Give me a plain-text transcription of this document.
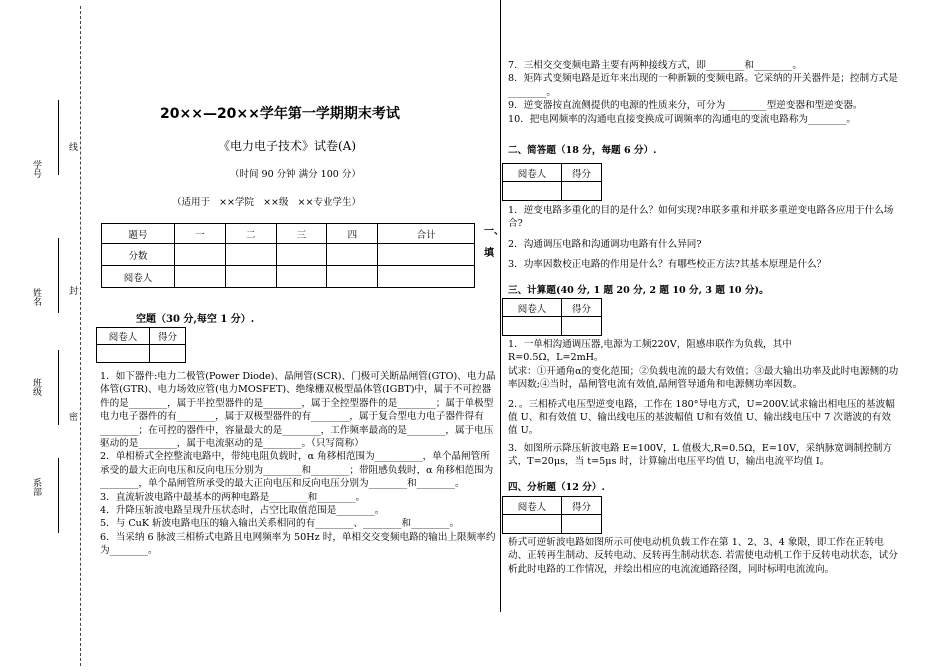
学号
线
姓名	封
班级
密
系部
20××—20××学年第一学期期末考试
《电力电子技术》试卷(A)
（时间 90 分钟 满分 100 分）
（适用于 ××学院 ××级 ××专业学生）
题号	一	二	三	四	合计
分数					
阅卷人					
一、
填
空题（30 分,每空 1 分）.
阅卷人	得分

1．如下器件:电力二极管(Power Diode)、晶闸管(SCR)、门极可关断晶闸管(GTO)、电力晶体管(GTR)、电力场效应管(电力MOSFET)、绝缘栅双极型晶体管(IGBT)中，属于不可控器件的是________，属于半控型器件的是________，属于全控型器件的是________；属于单极型电力电子器件的有________，属于双极型器件的有________，属于复合型电力电子器件得有 ________；在可控的器件中，容量最大的是________，工作频率最高的是________，属于电压驱动的是________，属于电流驱动的是________。（只写简称）
2．单相桥式全控整流电路中，带纯电阻负载时，α 角移相范围为__________，单个晶闸管所承受的最大正向电压和反向电压分别为________和________；带阻感负载时，α 角移相范围为________，单个晶闸管所承受的最大正向电压和反向电压分别为________和________。
3．直流斩波电路中最基本的两种电路是________和________。
4．升降压斩波电路呈现升压状态时，占空比取值范围是________。
5．与 CuK 斩波电路电压的输入输出关系相同的有________、________和________。
6．当采纳 6 脉波三相桥式电路且电网频率为 50Hz 时，单相交交变频电路的输出上限频率约为________。
7．三相交交变频电路主要有两种接线方式，即________和________。
8．矩阵式变频电路是近年来出现的一种新颖的变频电路。它采纳的开关器件是；控制方式是________。
9．逆变器按直流侧提供的电源的性质来分，可分为 ________型逆变器和型逆变器。
10．把电网频率的沟通电直接变换成可调频率的沟通电的变流电路称为________。
二、简答题（18 分，每题 6 分）.
阅卷人	得分

1．逆变电路多重化的目的是什么？如何实现?串联多重和并联多重逆变电路各应用于什么场合?
2．沟通调压电路和沟通调功电路有什么异同?
3．功率因数校正电路的作用是什么？有哪些校正方法?其基本原理是什么？
三、计算题(40 分, 1 题 20 分, 2 题 10 分, 3 题 10 分)。
阅卷人	得分

1．一单相沟通调压器,电源为工频220V，阻感串联作为负载，其中
R=0.5Ω，L=2mH。
试求：①开通角α的变化范围；②负载电流的最大有效值；③最大输出功率及此时电源侧的功率因数;④当时，晶闸管电流有效值,晶闸管导通角和电源侧功率因数。
2．。三相桥式电压型逆变电路，工作在 180°导电方式，U=200V.试求输出相电压的基波幅值 U、和有效值 U、输出线电压的基波幅值 U和有效值 U、输出线电压中 7 次谐波的有效值 U。
3．如图所示降压斩波电路 E=100V，L 值极大,R=0.5Ω，E=10V，采纳脉宽调制控制方式，T=20μs，当 t=5μs 时，计算输出电压平均值 U，输出电流平均值 I。
四、分析题（12 分）.
阅卷人	得分

桥式可逆斩波电路如图所示可使电动机负载工作在第 1、2、3、4 象限，即工作在正转电动、正转再生制动、反转电动、反转再生制动状态. 若需使电动机工作于反转电动状态，试分析此时电路的工作情况，并绘出相应的电流流通路径图，同时标明电流流向。
